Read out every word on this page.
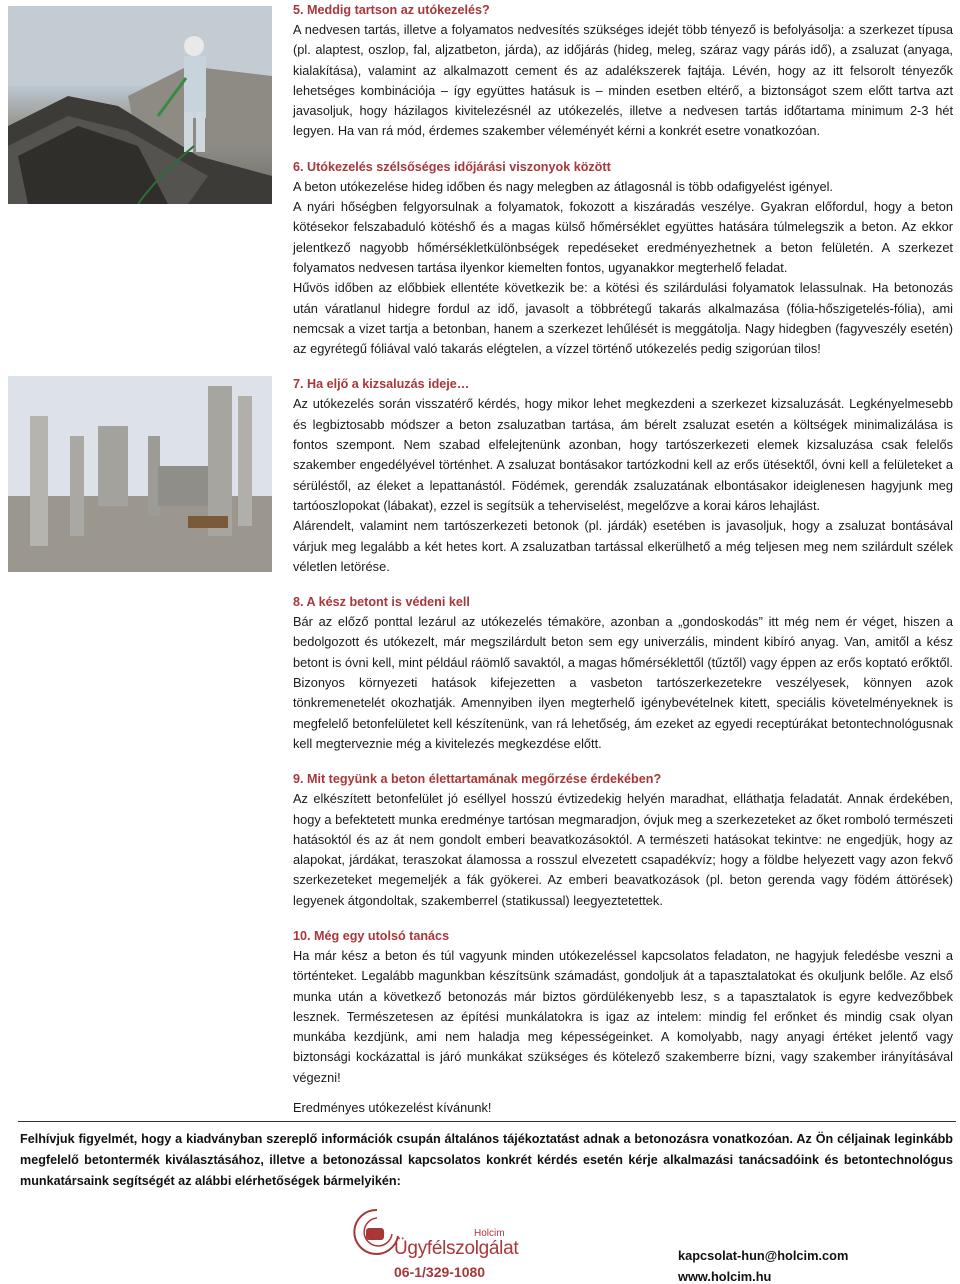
5. Meddig tartson az utókezelés?
A nedvesen tartás, illetve a folyamatos nedvesítés szükséges idejét több tényező is befolyásolja: a szerkezet típusa (pl. alaptest, oszlop, fal, aljzatbeton, járda), az időjárás (hideg, meleg, száraz vagy párás idő), a zsaluzat (anyaga, kialakítása), valamint az alkalmazott cement és az adalékszerek fajtája. Lévén, hogy az itt felsorolt tényezők lehetséges kombinációja – így együttes hatásuk is – minden esetben eltérő, a biztonságot szem előtt tartva azt javasoljuk, hogy házilagos kivitelezésnél az utókezelés, illetve a nedvesen tartás időtartama minimum 2-3 hét legyen. Ha van rá mód, érdemes szakember véleményét kérni a konkrét esetre vonatkozóan.
6. Utókezelés szélsőséges időjárási viszonyok között
A beton utókezelése hideg időben és nagy melegben az átlagosnál is több odafigyelést igényel.
A nyári hőségben felgyorsulnak a folyamatok, fokozott a kiszáradás veszélye. Gyakran előfordul, hogy a beton kötésekor felszabaduló kötéshő és a magas külső hőmérséklet együttes hatására túlmelegszik a beton. Az ekkor jelentkező nagyobb hőmérsékletkülönbségek repedéseket eredményezhetnek a beton felületén. A szerkezet folyamatos nedvesen tartása ilyenkor kiemelten fontos, ugyanakkor megterhelő feladat.
Hűvös időben az előbbiek ellentéte következik be: a kötési és szilárdulási folyamatok lelassulnak. Ha betonozás után váratlanul hidegre fordul az idő, javasolt a többrétegű takarás alkalmazása (fólia-hőszigetelés-fólia), ami nemcsak a vizet tartja a betonban, hanem a szerkezet lehűlését is meggátolja. Nagy hidegben (fagyveszély esetén) az egyrétegű fóliával való takarás elégtelen, a vízzel történő utókezelés pedig szigorúan tilos!
7. Ha eljő a kizsaluzás ideje…
Az utókezelés során visszatérő kérdés, hogy mikor lehet megkezdeni a szerkezet kizsaluzását. Legkényelmesebb és legbiztosabb módszer a beton zsaluzatban tartása, ám bérelt zsaluzat esetén a költségek minimalizálása is fontos szempont. Nem szabad elfelejtenünk azonban, hogy tartószerkezeti elemek kizsaluzása csak felelős szakember engedélyével történhet. A zsaluzat bontásakor tartózkodni kell az erős ütésektől, óvni kell a felületeket a sérüléstől, az éleket a lepattanástól. Födémek, gerendák zsaluzatának elbontásakor ideiglenesen hagyjunk meg tartóoszlopokat (lábakat), ezzel is segítsük a teherviselést, megelőzve a korai káros lehajlást.
Alárendelt, valamint nem tartószerkezeti betonok (pl. járdák) esetében is javasoljuk, hogy a zsaluzat bontásával várjuk meg legalább a két hetes kort. A zsaluzatban tartással elkerülhető a még teljesen meg nem szilárdult szélek véletlen letörése.
8. A kész betont is védeni kell
Bár az előző ponttal lezárul az utókezelés témaköre, azonban a „gondoskodás” itt még nem ér véget, hiszen a bedolgozott és utókezelt, már megszilárdult beton sem egy univerzális, mindent kibíró anyag. Van, amitől a kész betont is óvni kell, mint például ráömlő savaktól, a magas hőmérséklettől (tűztől) vagy éppen az erős koptató erőktől. Bizonyos környezeti hatások kifejezetten a vasbeton tartószerkezetekre veszélyesek, könnyen azok tönkremenetelét okozhatják. Amennyiben ilyen megterhelő igénybevételnek kitett, speciális követelményeknek is megfelelő betonfelületet kell készítenünk, van rá lehetőség, ám ezeket az egyedi receptúrákat betontechnológusnak kell megterveznie még a kivitelezés megkezdése előtt.
9. Mit tegyünk a beton élettartamának megőrzése érdekében?
Az elkészített betonfelület jó eséllyel hosszú évtizedekig helyén maradhat, elláthatja feladatát. Annak érdekében, hogy a befektetett munka eredménye tartósan megmaradjon, óvjuk meg a szerkezeteket az őket romboló természeti hatásoktól és az át nem gondolt emberi beavatkozásoktól. A természeti hatásokat tekintve: ne engedjük, hogy az alapokat, járdákat, teraszokat álamossa a rosszul elvezetett csapadékvíz; hogy a földbe helyezett vagy azon fekvő szerkezeteket megemeljék a fák gyökerei. Az emberi beavatkozások (pl. beton gerenda vagy födém áttörések) legyenek átgondoltak, szakemberrel (statikussal) leegyeztetettek.
10. Még egy utolsó tanács
Ha már kész a beton és túl vagyunk minden utókezeléssel kapcsolatos feladaton, ne hagyjuk feledésbe veszni a történteket. Legalább magunkban készítsünk számadást, gondoljuk át a tapasztalatokat és okuljunk belőle. Az első munka után a következő betonozás már biztos gördülékenyebb lesz, s a tapasztalatok is egyre kedvezőbbek lesznek. Természetesen az építési munkálatokra is igaz az intelem: mindig fel erőnket és mindig csak olyan munkába kezdjünk, ami nem haladja meg képességeinket. A komolyabb, nagy anyagi értéket jelentő vagy biztonsági kockázattal is járó munkákat szükséges és kötelező szakemberre bízni, vagy szakember irányításával végezni!
Eredményes utókezelést kívánunk!
Felhívjuk figyelmét, hogy a kiadványban szereplő információk csupán általános tájékoztatást adnak a betonozásra vonatkozóan. Az Ön céljainak leginkább megfelelő betontermék kiválasztásához, illetve a betonozással kapcsolatos konkrét kérdés esetén kérje alkalmazási tanácsadóink és betontechnológus munkatársaink segítségét az alábbi elérhetőségek bármelyikén:
Holcim
Ügyfélszolgálat
06-1/329-1080
kapcsolat-hun@holcim.com
www.holcim.hu
